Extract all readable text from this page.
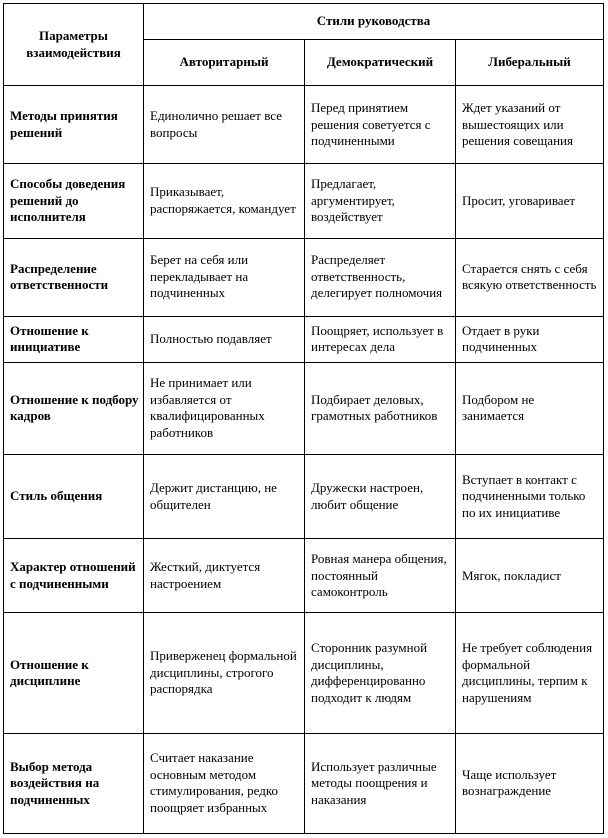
Параметры взаимодействия	Стили руководства		
	Авторитарный	Демократический	Либеральный
Методы принятия решений	Единолично решает все вопросы	Перед принятием решения советуется с подчиненными	Ждет указаний от вышестоящих или решения совещания
Способы доведения решений до исполнителя	Приказывает, распоряжается, командует	Предлагает, аргументирует, воздействует	Просит, уговаривает
Распределение ответственности	Берет на себя или перекладывает на подчиненных	Распределяет ответственность, делегирует полномочия	Старается снять с себя всякую ответственность
Отношение к инициативе	Полностью подавляет	Поощряет, использует в интересах дела	Отдает в руки подчиненных
Отношение к подбору кадров	Не принимает или избавляется от квалифицированных работников	Подбирает деловых, грамотных работников	Подбором не занимается
Стиль общения	Держит дистанцию, не общителен	Дружески настроен, любит общение	Вступает в контакт с подчиненными только по их инициативе
Характер отношений с подчиненными	Жесткий, диктуется настроением	Ровная манера общения, постоянный самоконтроль	Мягок, покладист
Отношение к дисциплине	Приверженец формальной дисциплины, строгого распорядка	Сторонник разумной дисциплины, дифференцированно подходит к людям	Не требует соблюдения формальной дисциплины, терпим к нарушениям
Выбор метода воздействия на подчиненных	Считает наказание основным методом стимулирования, редко поощряет избранных	Использует различные методы поощрения и наказания	Чаще использует вознаграждение
